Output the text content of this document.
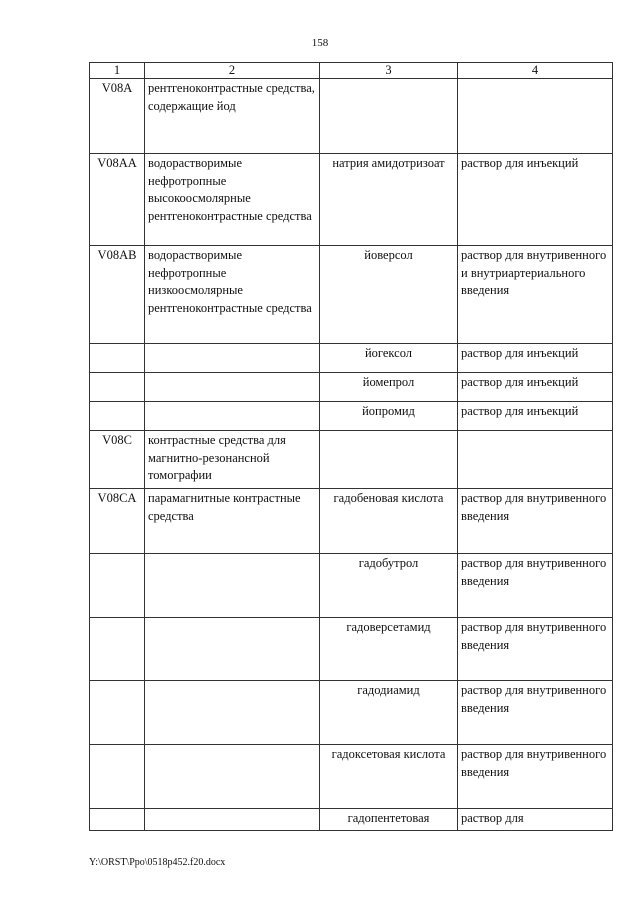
158
1	2	3	4
V08A	рентгеноконтрастные средства, содержащие йод		
V08AA	водорастворимые нефротропные высокоосмолярные рентгеноконтрастные средства	натрия амидотризоат	раствор для инъекций
V08AB	водорастворимые нефротропные низкоосмолярные рентгеноконтрастные средства	йоверсол	раствор для внутривенного и внутриартериального введения
		йогексол	раствор для инъекций
		йомепрол	раствор для инъекций
		йопромид	раствор для инъекций
V08C	контрастные средства для магнитно-резонансной томографии		
V08CA	парамагнитные контрастные средства	гадобеновая кислота	раствор для внутривенного введения
		гадобутрол	раствор для внутривенного введения
		гадоверсетамид	раствор для внутривенного введения
		гадодиамид	раствор для внутривенного введения
		гадоксетовая кислота	раствор для внутривенного введения
		гадопентетовая	раствор для
Y:\ORST\Ppo\0518p452.f20.docx
